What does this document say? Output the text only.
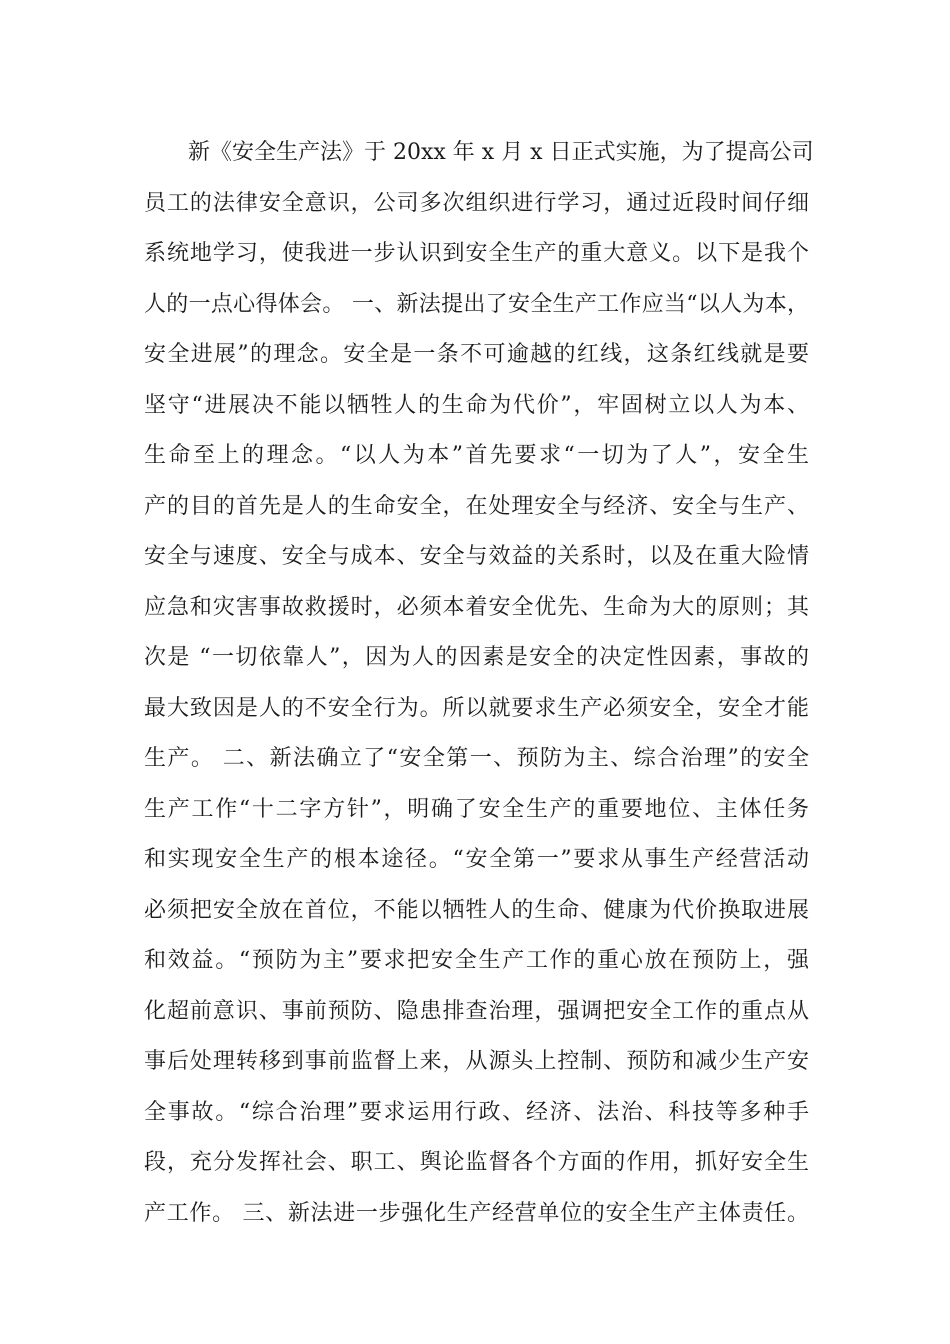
新《安全生产法》于 20xx 年 x 月 x 日正式实施，为了提高公司
员工的法律安全意识，公司多次组织进行学习，通过近段时间仔细
系统地学习，使我进一步认识到安全生产的重大意义。以下是我个
人的一点心得体会。 一、新法提出了安全生产工作应当“以人为本，
安全进展”的理念。安全是一条不可逾越的红线，这条红线就是要
坚守“进展决不能以牺牲人的生命为代价”，牢固树立以人为本、
生命至上的理念。“以人为本”首先要求“一切为了人”，安全生
产的目的首先是人的生命安全，在处理安全与经济、安全与生产、
安全与速度、安全与成本、安全与效益的关系时，以及在重大险情
应急和灾害事故救援时，必须本着安全优先、生命为大的原则；其
次是 “一切依靠人”，因为人的因素是安全的决定性因素，事故的
最大致因是人的不安全行为。所以就要求生产必须安全，安全才能
生产。 二、新法确立了“安全第一、预防为主、综合治理”的安全
生产工作“十二字方针”，明确了安全生产的重要地位、主体任务
和实现安全生产的根本途径。“安全第一”要求从事生产经营活动
必须把安全放在首位，不能以牺牲人的生命、健康为代价换取进展
和效益。“预防为主”要求把安全生产工作的重心放在预防上，强
化超前意识、事前预防、隐患排查治理，强调把安全工作的重点从
事后处理转移到事前监督上来，从源头上控制、预防和减少生产安
全事故。“综合治理”要求运用行政、经济、法治、科技等多种手
段，充分发挥社会、职工、舆论监督各个方面的作用，抓好安全生
产工作。 三、新法进一步强化生产经营单位的安全生产主体责任。
